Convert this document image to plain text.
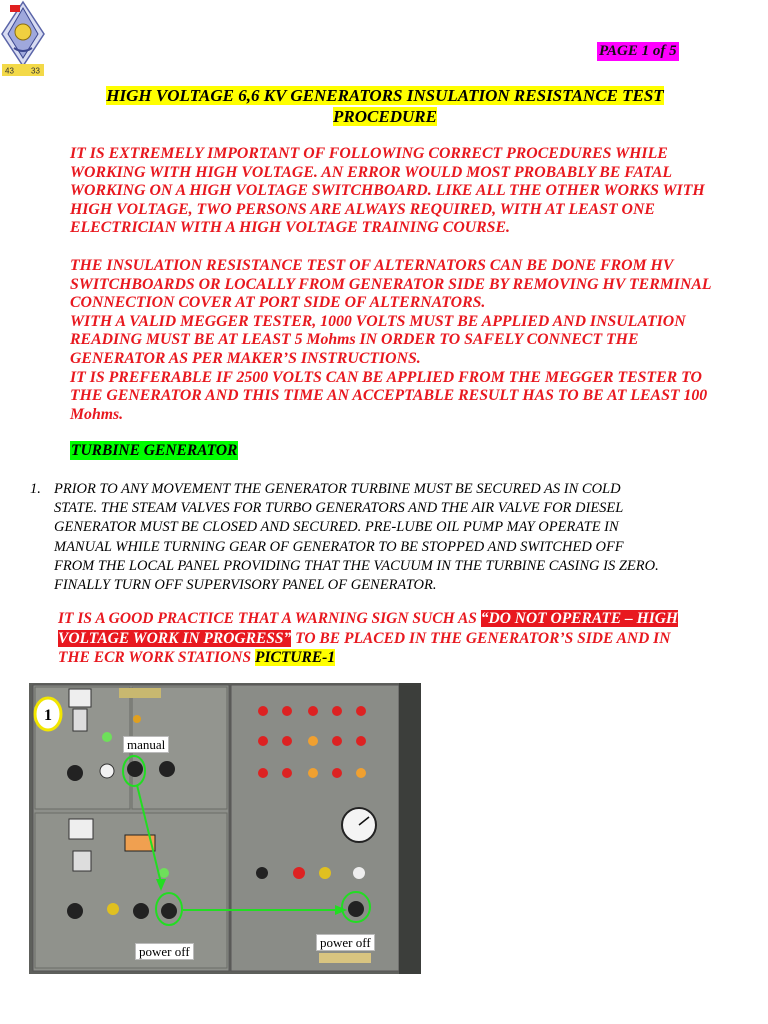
43 33
PAGE 1 of 5
HIGH VOLTAGE 6,6 KV GENERATORS INSULATION RESISTANCE TEST
PROCEDURE

IT IS EXTREMELY IMPORTANT OF FOLLOWING CORRECT PROCEDURES WHILE

WORKING WITH HIGH VOLTAGE. AN ERROR WOULD MOST PROBABLY BE FATAL

WORKING ON A HIGH VOLTAGE SWITCHBOARD. LIKE ALL THE OTHER WORKS WITH

HIGH VOLTAGE, TWO PERSONS ARE ALWAYS REQUIRED, WITH AT LEAST ONE

ELECTRICIAN WITH A HIGH VOLTAGE TRAINING COURSE.

THE INSULATION RESISTANCE TEST OF ALTERNATORS CAN BE DONE FROM HV

SWITCHBOARDS OR LOCALLY FROM GENERATOR SIDE BY REMOVING HV TERMINAL

CONNECTION COVER AT PORT SIDE OF ALTERNATORS.

WITH A VALID MEGGER TESTER, 1000 VOLTS MUST BE APPLIED AND INSULATION

READING MUST BE AT LEAST 5 Mohms IN ORDER TO SAFELY CONNECT THE

GENERATOR AS PER MAKER’S INSTRUCTIONS.

IT IS PREFERABLE IF 2500 VOLTS CAN BE APPLIED FROM THE MEGGER TESTER TO

THE GENERATOR AND THIS TIME AN ACCEPTABLE RESULT HAS TO BE AT LEAST 100

Mohms.

TURBINE GENERATOR
1. PRIOR TO ANY MOVEMENT THE GENERATOR TURBINE MUST BE SECURED AS IN COLD
STATE. THE STEAM VALVES FOR TURBO GENERATORS AND THE AIR VALVE FOR DIESEL
GENERATOR MUST BE CLOSED AND SECURED. PRE-LUBE OIL PUMP MAY OPERATE IN
MANUAL WHILE TURNING GEAR OF GENERATOR TO BE STOPPED AND SWITCHED OFF
FROM THE LOCAL PANEL PROVIDING THAT THE VACUUM IN THE TURBINE CASING IS ZERO.
FINALLY TURN OFF SUPERVISORY PANEL OF GENERATOR.
IT IS A GOOD PRACTICE THAT A WARNING SIGN SUCH AS “DO NOT OPERATE – HIGH
VOLTAGE WORK IN PROGRESS” TO BE PLACED IN THE GENERATOR’S SIDE AND IN
THE ECR WORK STATIONS PICTURE-1
1
manual
power off
power off
